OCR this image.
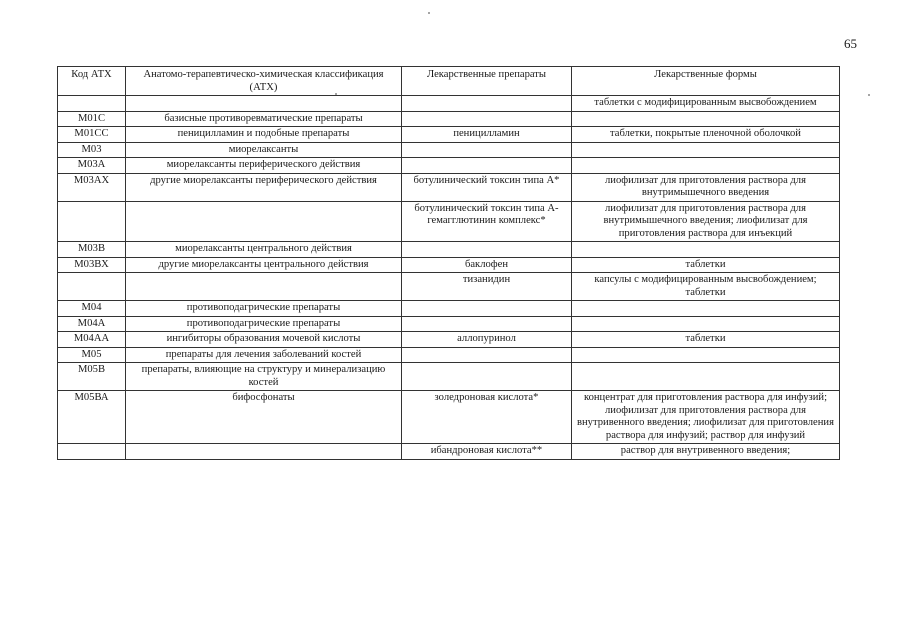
65
Код АТХ	Анатомо-терапевтическо-химическая классификация (АТХ)	Лекарственные препараты	Лекарственные формы
			таблетки с модифицированным высвобождением
М01С	базисные противоревматические препараты		
М01СС	пеницилламин и подобные препараты	пеницилламин	таблетки, покрытые пленочной оболочкой
М03	миорелаксанты		
М03А	миорелаксанты периферического действия		
М03АХ	другие миорелаксанты периферического действия	ботулинический токсин типа А*	лиофилизат для приготовления раствора для внутримышечного введения
		ботулинический токсин типа А-гемагглютинин комплекс*	лиофилизат для приготовления раствора для внутримышечного введения; лиофилизат для приготовления раствора для инъекций
М03В	миорелаксанты центрального действия		
М03ВХ	другие миорелаксанты центрального действия	баклофен	таблетки
		тизанидин	капсулы с модифицированным высвобождением; таблетки
М04	противоподагрические препараты		
М04А	противоподагрические препараты		
М04АА	ингибиторы образования мочевой кислоты	аллопуринол	таблетки
М05	препараты для лечения заболеваний костей		
М05В	препараты, влияющие на структуру и минерализацию костей		
М05ВА	бифосфонаты	золедроновая кислота*	концентрат для приготовления раствора для инфузий; лиофилизат для приготовления раствора для внутривенного введения; лиофилизат для приготовления раствора для инфузий; раствор для инфузий
		ибандроновая кислота**	раствор для внутривенного введения;
